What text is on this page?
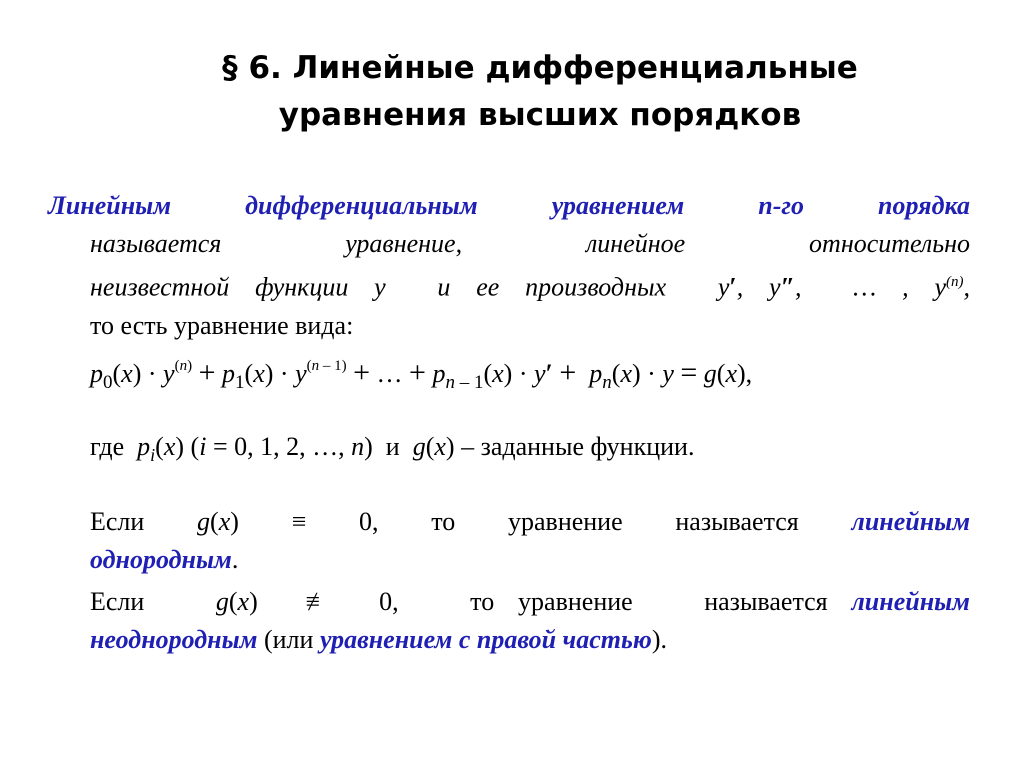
§ 6. Линейные дифференциальные
уравнения высших порядков
Линейным дифференциальным уравнением n-го порядка
называется уравнение, линейное относительно
неизвестной функции y  и ее производных  y′, y″,  … , $y^{(n)}$,
то есть уравнение вида:
$p_0(x) \cdot y^{(n)} + p_1(x) \cdot y^{(n - 1)}$ + … + $p_{n - 1}(x) \cdot y' + p_n(x) \cdot y = g(x)$,
где  $p_i(x) (i = 0$, 1, 2, …, n)  и  g(x) – заданные функции.
Если  g(x)  ≡  0,  то  уравнение  называется  линейным
однородным.
Если   g(x)  ≢  0,   то уравнение   называется линейным
неоднородным (или уравнением с правой частью).
